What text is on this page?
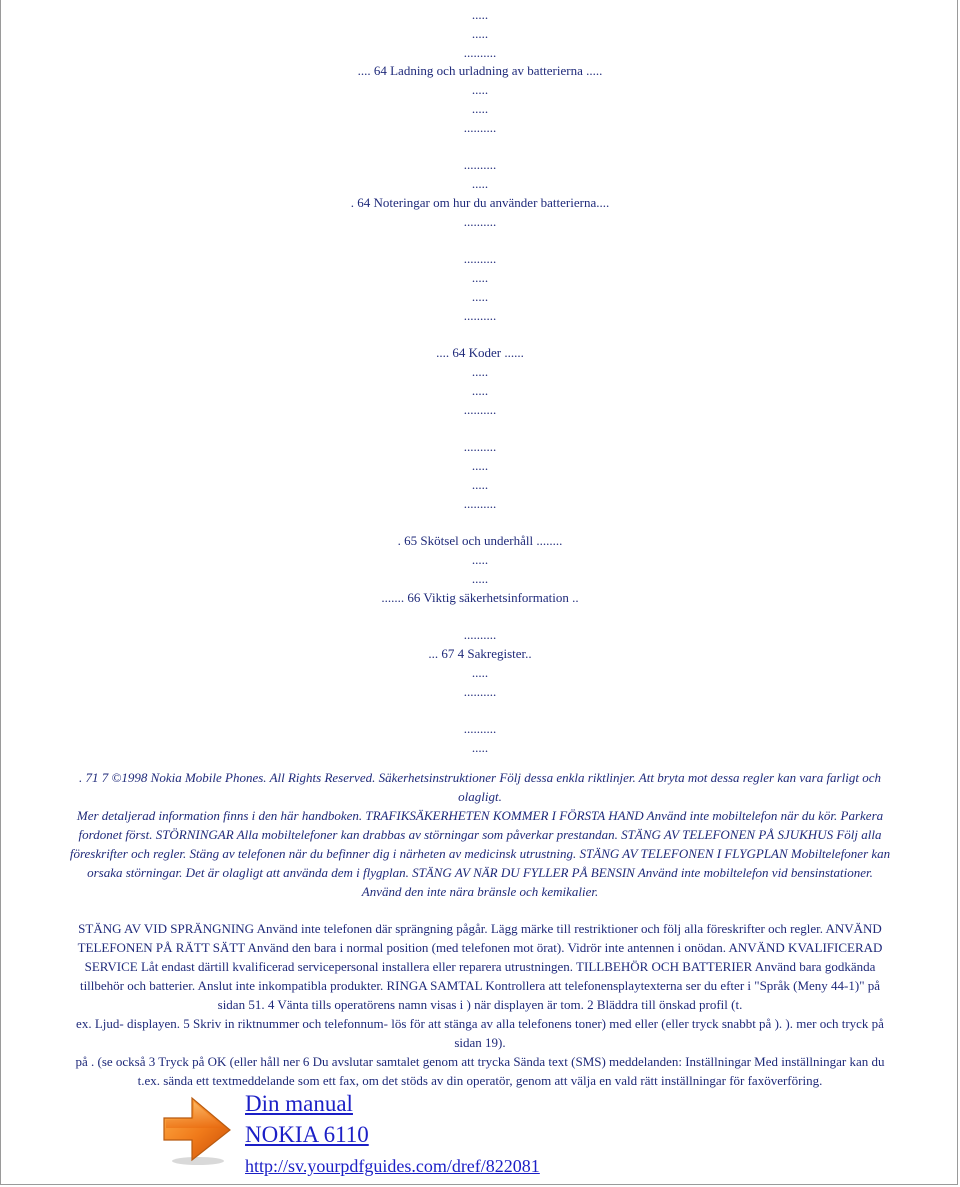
.....
.....
..........
.... 64 Ladning och urladning av batterierna .....
.....
.....
..........
..........
.....
. 64 Noteringar om hur du använder batterierna....
..........
..........
.....
.....
..........
.... 64 Koder ......
.....
.....
..........
..........
.....
.....
..........
. 65 Skötsel och underhåll ........
.....
.....
....... 66 Viktig säkerhetsinformation ..
..........
... 67 4 Sakregister..
.....
..........
..........
.....
. 71 7 ©1998 Nokia Mobile Phones. All Rights Reserved. Säkerhetsinstruktioner Följ dessa enkla riktlinjer. Att bryta mot dessa regler kan vara farligt och
olagligt.
Mer detaljerad information finns i den här handboken. TRAFIKSÄKERHETEN KOMMER I FÖRSTA HAND Använd inte mobiltelefon när du kör. Parkera
fordonet först. STÖRNINGAR Alla mobiltelefoner kan drabbas av störningar som påverkar prestandan. STÄNG AV TELEFONEN PÅ SJUKHUS Följ alla
föreskrifter och regler. Stäng av telefonen när du befinner dig i närheten av medicinsk utrustning. STÄNG AV TELEFONEN I FLYGPLAN Mobiltelefoner kan
orsaka störningar. Det är olagligt att använda dem i flygplan. STÄNG AV NÄR DU FYLLER PÅ BENSIN Använd inte mobiltelefon vid bensinstationer.
Använd den inte nära bränsle och kemikalier.
STÄNG AV VID SPRÄNGNING Använd inte telefonen där sprängning pågår. Lägg märke till restriktioner och följ alla föreskrifter och regler. ANVÄND
TELEFONEN PÅ RÄTT SÄTT Använd den bara i normal position (med telefonen mot örat). Vidrör inte antennen i onödan. ANVÄND KVALIFICERAD
SERVICE Låt endast därtill kvalificerad servicepersonal installera eller reparera utrustningen. TILLBEHÖR OCH BATTERIER Använd bara godkända
tillbehör och batterier. Anslut inte inkompatibla produkter. RINGA SAMTAL Kontrollera att telefonensplaytexterna ser du efter i "Språk (Meny 44-1)" på
sidan 51. 4 Vänta tills operatörens namn visas i ) när displayen är tom. 2 Bläddra till önskad profil (t.
ex. Ljud- displayen. 5 Skriv in riktnummer och telefonnum- lös för att stänga av alla telefonens toner) med eller (eller tryck snabbt på ). ). mer och tryck på
sidan 19).
på . (se också 3 Tryck på OK (eller håll ner 6 Du avslutar samtalet genom att trycka Sända text (SMS) meddelanden: Inställningar Med inställningar kan du
t.ex. sända ett textmeddelande som ett fax, om det stöds av din operatör, genom att välja en vald rätt inställningar för faxöverföring.
Din manual
NOKIA 6110
http://sv.yourpdfguides.com/dref/822081
